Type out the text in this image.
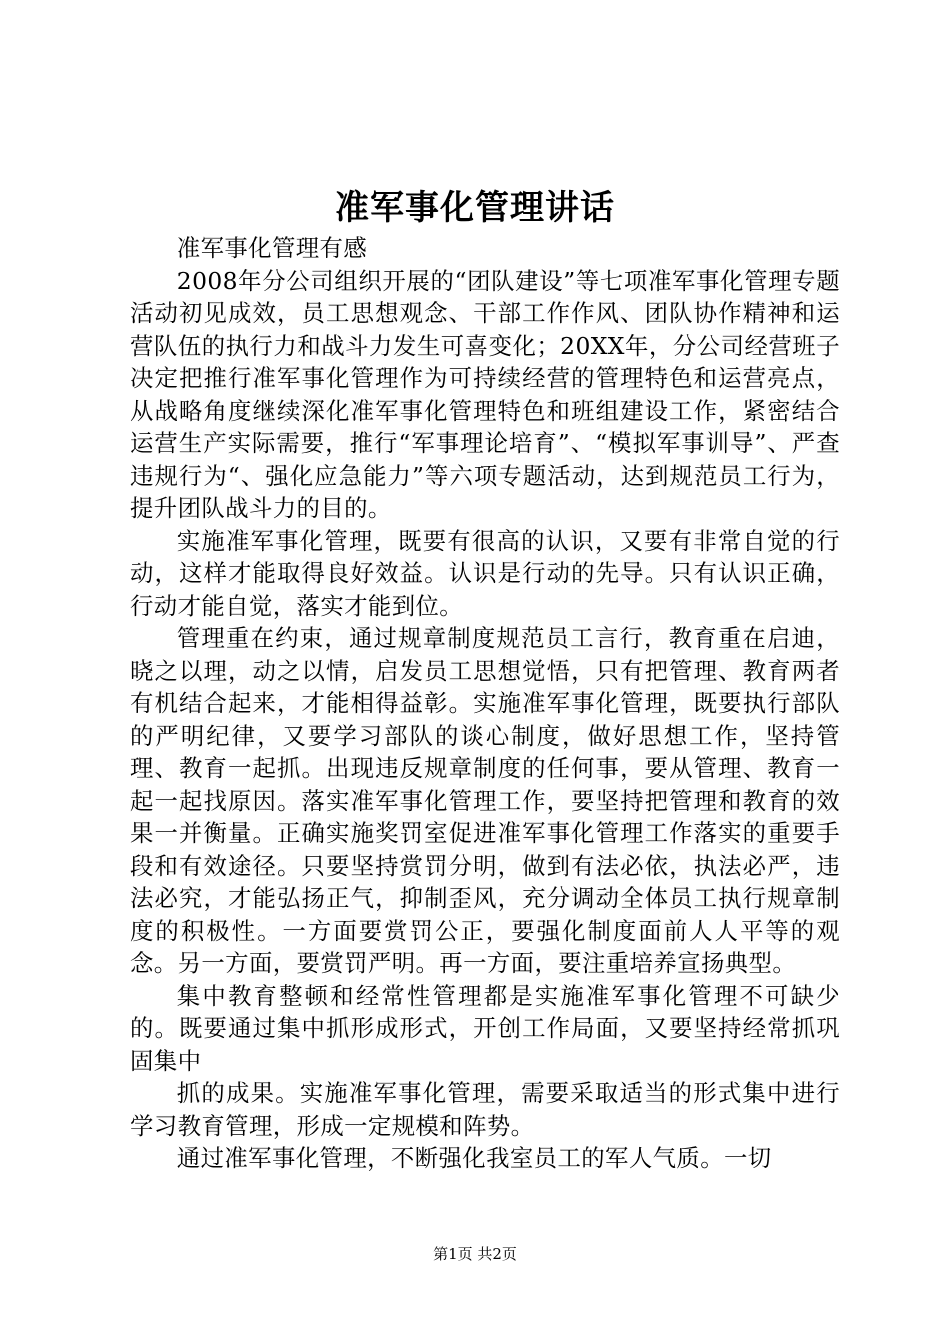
准军事化管理讲话

准军事化管理有感

2008年分公司组织开展的“团队建设”等七项准军事化管理专题活动初见成效，员工思想观念、干部工作作风、团队协作精神和运营队伍的执行力和战斗力发生可喜变化；20XX年，分公司经营班子决定把推行准军事化管理作为可持续经营的管理特色和运营亮点，从战略角度继续深化准军事化管理特色和班组建设工作，紧密结合运营生产实际需要，推行“军事理论培育”、“模拟军事训导”、严查违规行为“、强化应急能力”等六项专题活动，达到规范员工行为，提升团队战斗力的目的。

实施准军事化管理，既要有很高的认识，又要有非常自觉的行动，这样才能取得良好效益。认识是行动的先导。只有认识正确，行动才能自觉，落实才能到位。

管理重在约束，通过规章制度规范员工言行，教育重在启迪，晓之以理，动之以情，启发员工思想觉悟，只有把管理、教育两者有机结合起来，才能相得益彰。实施准军事化管理，既要执行部队的严明纪律，又要学习部队的谈心制度，做好思想工作，坚持管理、教育一起抓。出现违反规章制度的任何事，要从管理、教育一起一起找原因。落实准军事化管理工作，要坚持把管理和教育的效果一并衡量。正确实施奖罚室促进准军事化管理工作落实的重要手段和有效途径。只要坚持赏罚分明，做到有法必依，执法必严，违法必究，才能弘扬正气，抑制歪风，充分调动全体员工执行规章制度的积极性。一方面要赏罚公正，要强化制度面前人人平等的观念。另一方面，要赏罚严明。再一方面，要注重培养宣扬典型。

集中教育整顿和经常性管理都是实施准军事化管理不可缺少的。既要通过集中抓形成形式，开创工作局面，又要坚持经常抓巩固集中

抓的成果。实施准军事化管理，需要采取适当的形式集中进行学习教育管理，形成一定规模和阵势。

通过准军事化管理，不断强化我室员工的军人气质。一切

第1页 共2页
